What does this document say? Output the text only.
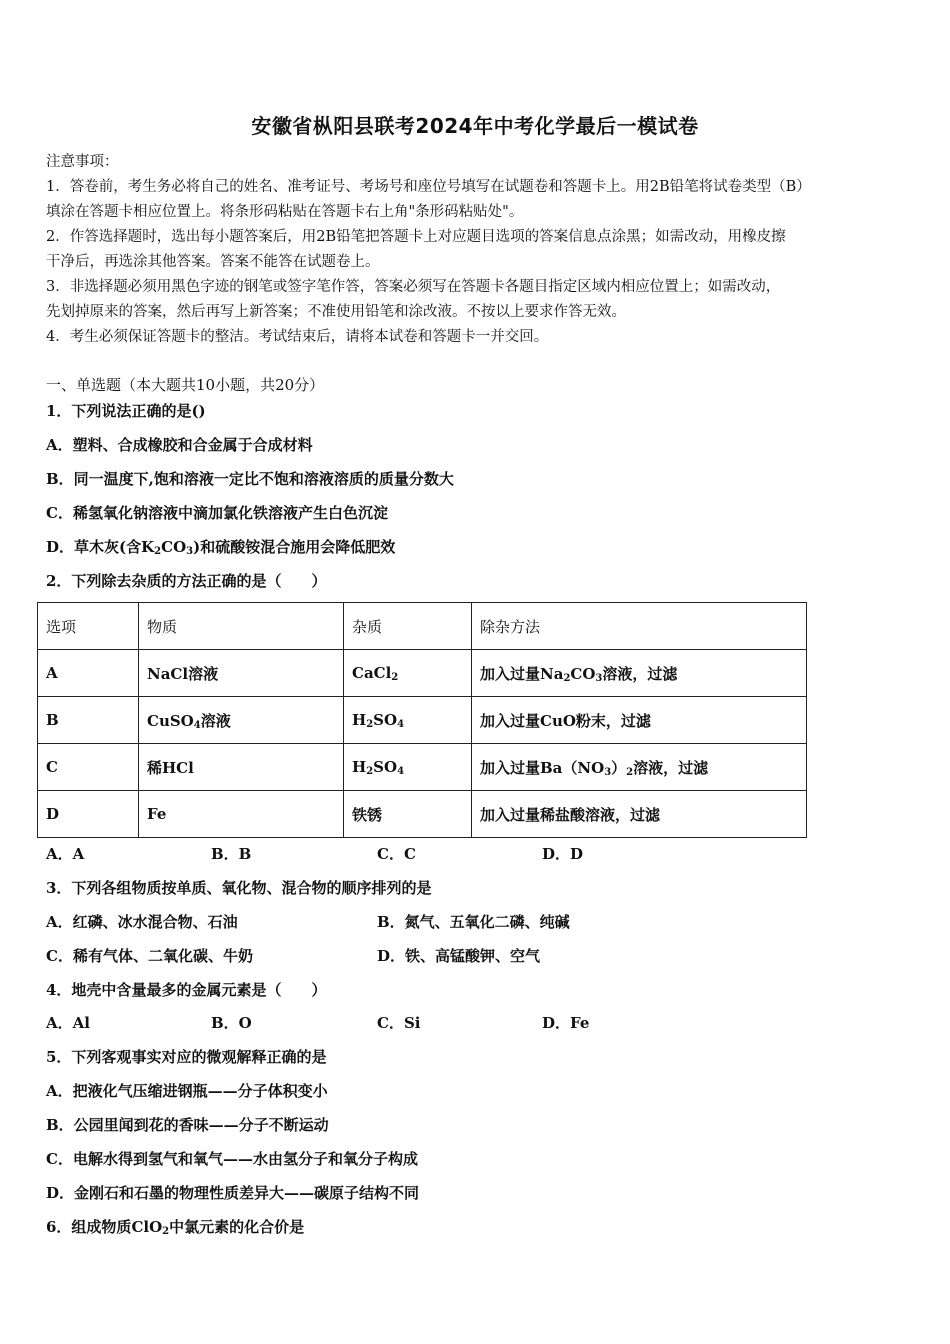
安徽省枞阳县联考2024年中考化学最后一模试卷
注意事项：
1．答卷前，考生务必将自己的姓名、准考证号、考场号和座位号填写在试题卷和答题卡上。用2B铅笔将试卷类型（B）
填涂在答题卡相应位置上。将条形码粘贴在答题卡右上角"条形码粘贴处"。
2．作答选择题时，选出每小题答案后，用2B铅笔把答题卡上对应题目选项的答案信息点涂黑；如需改动，用橡皮擦
干净后，再选涂其他答案。答案不能答在试题卷上。
3．非选择题必须用黑色字迹的钢笔或签字笔作答，答案必须写在答题卡各题目指定区域内相应位置上；如需改动，
先划掉原来的答案，然后再写上新答案；不准使用铅笔和涂改液。不按以上要求作答无效。
4．考生必须保证答题卡的整洁。考试结束后，请将本试卷和答题卡一并交回。
一、单选题（本大题共10小题，共20分）
1．下列说法正确的是()
A．塑料、合成橡胶和合金属于合成材料
B．同一温度下,饱和溶液一定比不饱和溶液溶质的质量分数大
C．稀氢氧化钠溶液中滴加氯化铁溶液产生白色沉淀
D．草木灰(含$K_2CO_3$)和硫酸铵混合施用会降低肥效
2．下列除去杂质的方法正确的是（　　）
选项	物质	杂质	除杂方法
A	NaCl溶液	CaCl$_2$	加入过量$Na_2CO_3$溶液，过滤
B	CuSO$_4$溶液	$H_2SO_4$	加入过量CuO粉末，过滤
C	稀HCl	$H_2SO_4$	加入过量$Ba(NO_3)_2$溶液，过滤
D	Fe	铁锈	加入过量稀盐酸溶液，过滤
A．A	B．B	C．C	D．D
3．下列各组物质按单质、氧化物、混合物的顺序排列的是
A．红磷、冰水混合物、石油	B．氮气、五氧化二磷、纯碱
C．稀有气体、二氧化碳、牛奶	D．铁、高锰酸钾、空气
4．地壳中含量最多的金属元素是（　　）
A．Al	B．O	C．Si	D．Fe
5．下列客观事实对应的微观解释正确的是
A．把液化气压缩进钢瓶——分子体积变小
B．公园里闻到花的香味——分子不断运动
C．电解水得到氢气和氧气——水由氢分子和氧分子构成
D．金刚石和石墨的物理性质差异大——碳原子结构不同
6．组成物质ClO$_2$中氯元素的化合价是
